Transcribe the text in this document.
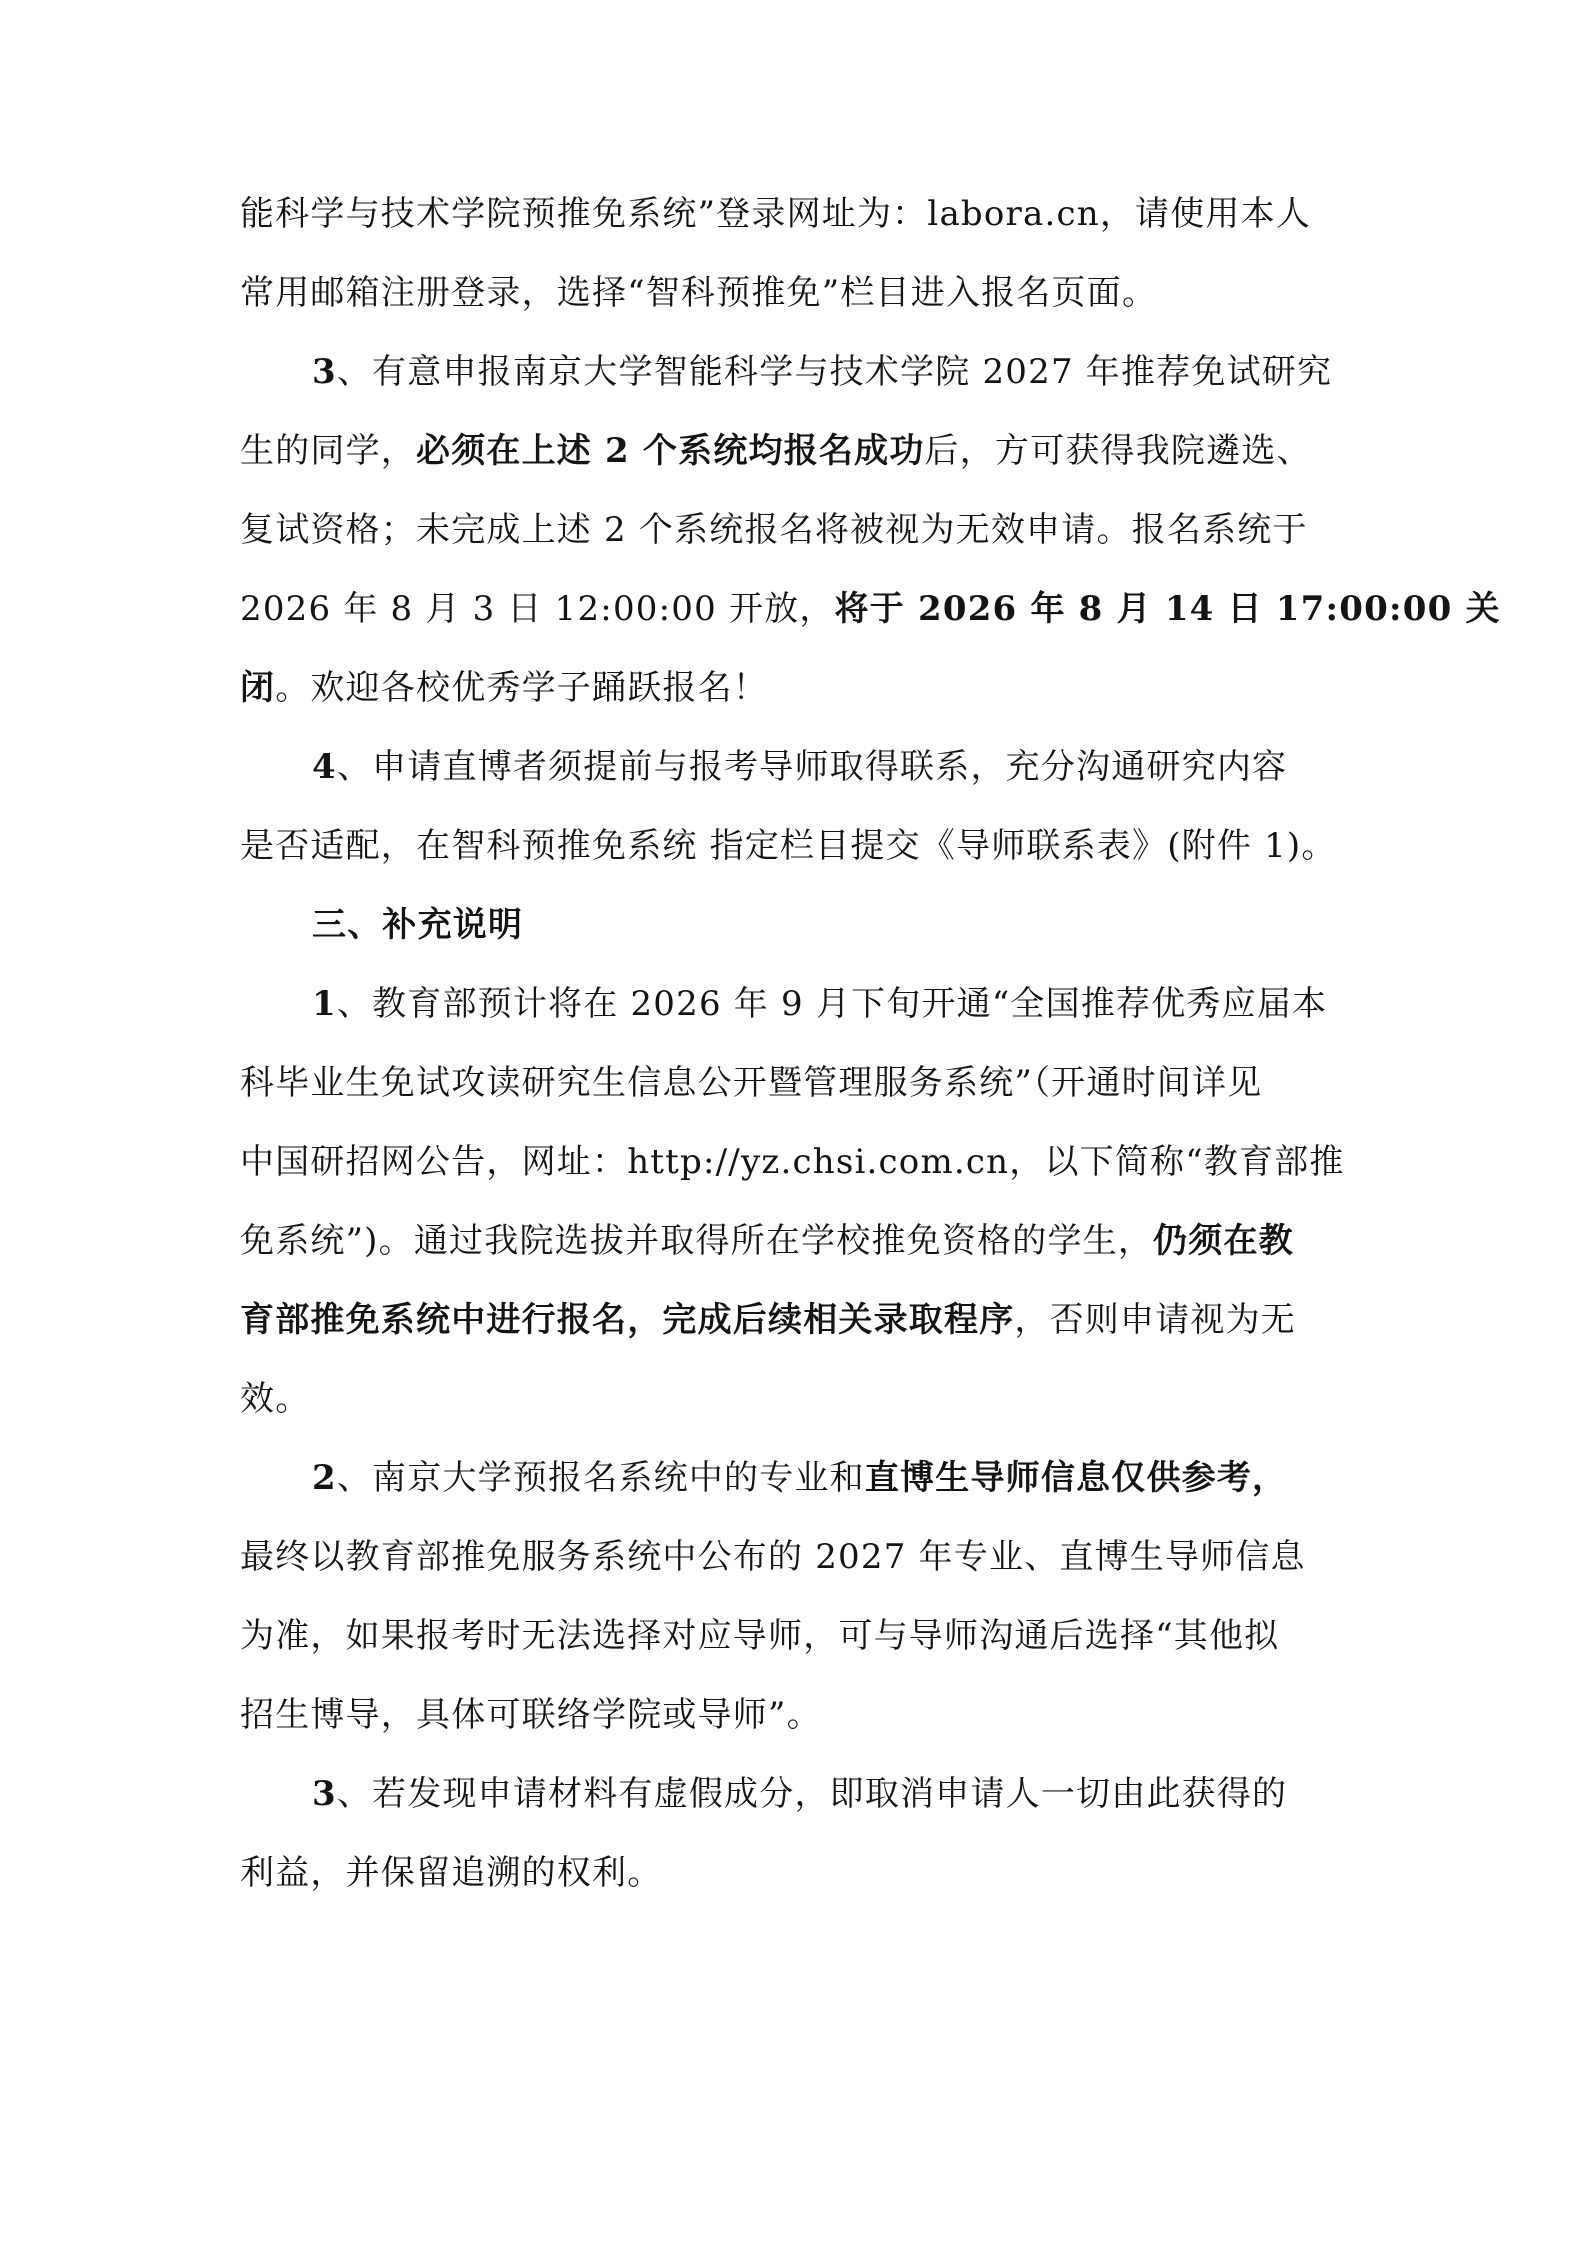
能科学与技术学院预推免系统”登录网址为：labora.cn，请使用本人
常用邮箱注册登录，选择“智科预推免”栏目进入报名页面。
3、有意申报南京大学智能科学与技术学院 2027 年推荐免试研究
生的同学，必须在上述 2 个系统均报名成功后，方可获得我院遴选、
复试资格；未完成上述 2 个系统报名将被视为无效申请。报名系统于
2026 年 8 月 3 日 12:00:00 开放，将于 2026 年 8 月 14 日 17:00:00 关
闭。欢迎各校优秀学子踊跃报名！
4、申请直博者须提前与报考导师取得联系，充分沟通研究内容
是否适配，在智科预推免系统 指定栏目提交《导师联系表》(附件 1)。
三、补充说明
1、教育部预计将在 2026 年 9 月下旬开通“全国推荐优秀应届本
科毕业生免试攻读研究生信息公开暨管理服务系统”（开通时间详见
中国研招网公告，网址：http://yz.chsi.com.cn，以下简称“教育部推
免系统”)。通过我院选拔并取得所在学校推免资格的学生，仍须在教
育部推免系统中进行报名，完成后续相关录取程序，否则申请视为无
效。
2、南京大学预报名系统中的专业和直博生导师信息仅供参考，
最终以教育部推免服务系统中公布的 2027 年专业、直博生导师信息
为准，如果报考时无法选择对应导师，可与导师沟通后选择“其他拟
招生博导，具体可联络学院或导师”。
3、若发现申请材料有虚假成分，即取消申请人一切由此获得的
利益，并保留追溯的权利。
